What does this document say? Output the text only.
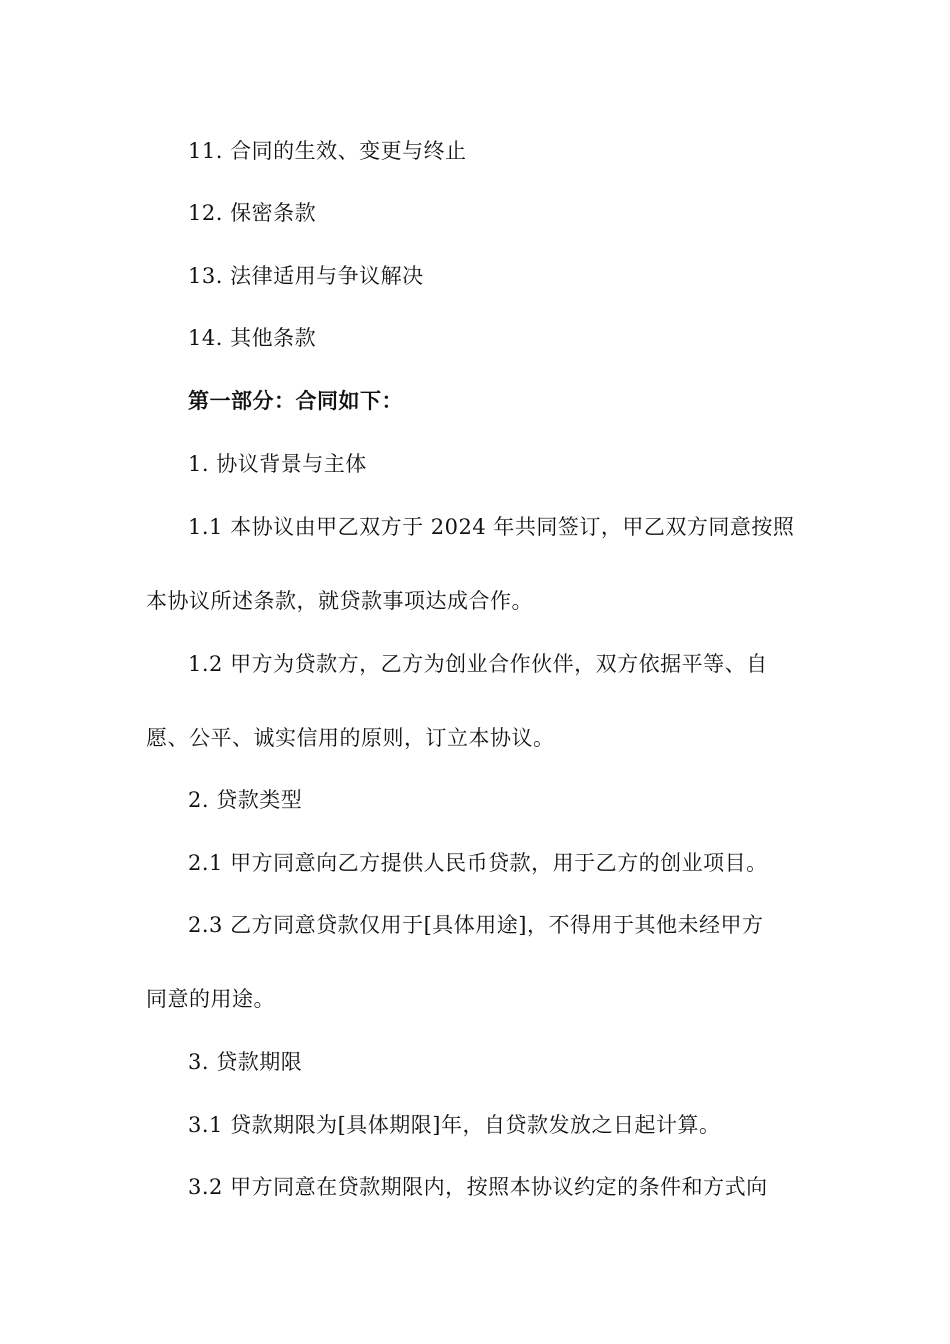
11. 合同的生效、变更与终止
12. 保密条款
13. 法律适用与争议解决
14. 其他条款
第一部分：合同如下：
1. 协议背景与主体
1.1 本协议由甲乙双方于 2024 年共同签订，甲乙双方同意按照
本协议所述条款，就贷款事项达成合作。
1.2 甲方为贷款方，乙方为创业合作伙伴，双方依据平等、自
愿、公平、诚实信用的原则，订立本协议。
2. 贷款类型
2.1 甲方同意向乙方提供人民币贷款，用于乙方的创业项目。
2.3 乙方同意贷款仅用于[具体用途]，不得用于其他未经甲方
同意的用途。
3. 贷款期限
3.1 贷款期限为[具体期限]年，自贷款发放之日起计算。
3.2 甲方同意在贷款期限内，按照本协议约定的条件和方式向
